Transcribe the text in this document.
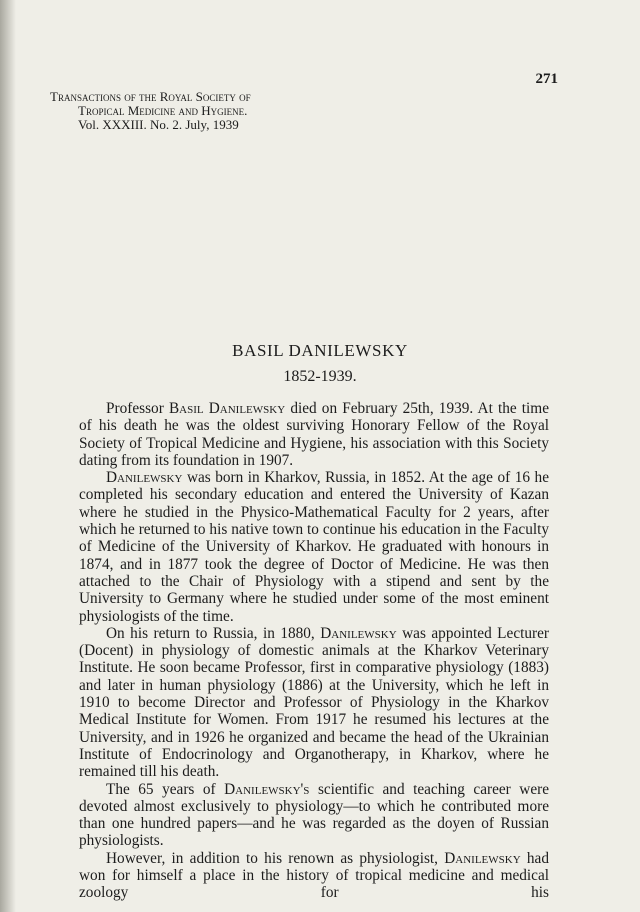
271
Transactions of the Royal Society of
Tropical Medicine and Hygiene.
Vol. XXXIII. No. 2. July, 1939
BASIL DANILEWSKY
1852-1939.

Professor Basil Danilewsky died on February 25th, 1939. At the time of his death he was the oldest surviving Honorary Fellow of the Royal Society of Tropical Medicine and Hygiene, his association with this Society dating from its foundation in 1907.

Danilewsky was born in Kharkov, Russia, in 1852. At the age of 16 he completed his secondary education and entered the University of Kazan where he studied in the Physico-Mathematical Faculty for 2 years, after which he returned to his native town to continue his education in the Faculty of Medicine of the University of Kharkov. He graduated with honours in 1874, and in 1877 took the degree of Doctor of Medicine. He was then attached to the Chair of Physiology with a stipend and sent by the University to Germany where he studied under some of the most eminent physiologists of the time.

On his return to Russia, in 1880, Danilewsky was appointed Lecturer (Docent) in physiology of domestic animals at the Kharkov Veterinary Institute. He soon became Professor, first in comparative physiology (1883) and later in human physiology (1886) at the University, which he left in 1910 to become Director and Professor of Physiology in the Kharkov Medical Institute for Women. From 1917 he resumed his lectures at the University, and in 1926 he organized and became the head of the Ukrainian Institute of Endocrinology and Organotherapy, in Kharkov, where he remained till his death.

The 65 years of Danilewsky's scientific and teaching career were devoted almost exclusively to physiology—to which he contributed more than one hundred papers—and he was regarded as the doyen of Russian physiologists.

However, in addition to his renown as physiologist, Danilewsky had won for himself a place in the history of tropical medicine and medical zoology for his
